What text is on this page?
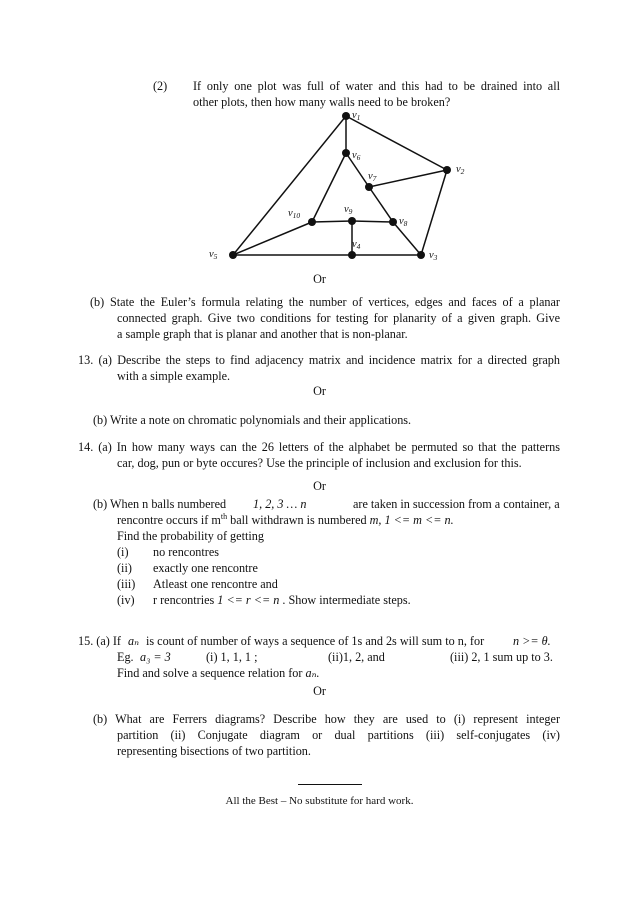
(2) If only one plot was full of water and this had to be drained into all
other plots, then how many walls need to be broken?
v1
v2
v3
v4
v5
v6
v7
v8
v9
v10
Or
(b) State the Euler’s formula relating the number of vertices, edges and faces of a planar
connected graph. Give two conditions for testing for planarity of a given graph. Give
a sample graph that is planar and another that is non-planar.
13. (a) Describe the steps to find adjacency matrix and incidence matrix for a directed graph
with a simple example.
Or
(b) Write a note on chromatic polynomials and their applications.
14. (a) In how many ways can the 26 letters of the alphabet be permuted so that the patterns
car, dog, pun or byte occures? Use the principle of inclusion and exclusion for this.
Or
(b) When n balls numbered 1, 2, 3 … n	are taken in succession from a container, a
rencontre occurs if $m^{th}$ ball withdrawn is numbered m, 1 <= m <= n.
Find the probability of getting
(i) no rencontres
(ii) exactly one rencontre
(iii) Atleast one rencontre and
(iv) r rencontries 1 <= r <= n . Show intermediate steps.
15. (a) If aₙ is count of number of ways a sequence of 1s and 2s will sum to n, for n >= θ.
Eg. a₃ = 3	(i) 1, 1, 1 ;	(ii)1, 2, and	(iii) 2, 1 sum up to 3.
Find and solve a sequence relation for aₙ.
Or
(b) What are Ferrers diagrams? Describe how they are used to (i) represent integer
partition (ii) Conjugate diagram or dual partitions (iii) self-conjugates (iv)
representing bisections of two partition.
All the Best – No substitute for hard work.
